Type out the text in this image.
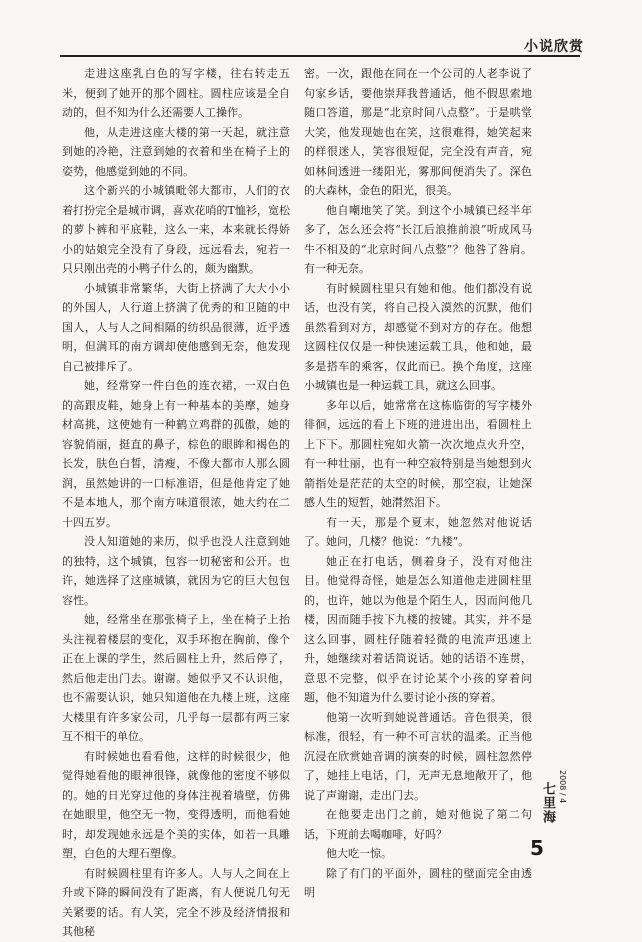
小说欣赏

走进这座乳白色的写字楼，往右转走五米，便到了她开的那个圆柱。圆柱应该是全自动的，但不知为什么还需要人工操作。

他，从走进这座大楼的第一天起，就注意到她的冷艳，注意到她的衣着和坐在椅子上的姿势，他感觉到她的不同。

这个新兴的小城镇毗邻大都市，人们的衣着打扮完全是城市调，喜欢花哨的T恤衫，宽松的萝卜裤和平底鞋，这么一来，本来就长得娇小的姑娘完全没有了身段，远远看去，宛若一只只刚出壳的小鸭子什么的，颇为幽默。

小城镇非常繁华，大街上挤满了大大小小的外国人，人行道上挤满了优秀的和卫随的中国人，人与人之间相隔的纺织品很薄，近乎透明，但满耳的南方调却使他感到无奈，他发现自己被排斥了。

她，经常穿一件白色的连衣裙，一双白色的高跟皮鞋，她身上有一种基本的美摩，她身材高挑，这使她有一种鹤立鸡群的孤傲，她的容貌俏丽，挺直的鼻子，棕色的眼眸和褐色的长发，肤色白皙，清瘦，不像大都市人那么圆润，虽然她讲的一口标准语，但是他肯定了她不是本地人，那个南方味道很浓，她大约在二十四五岁。

没人知道她的来历，似乎也没人注意到她的独特，这个城镇，包容一切秘密和公开。也许，她选择了这座城镇，就因为它的巨大包包容性。

她，经常坐在那张椅子上，坐在椅子上抬头注视着楼层的变化，双手环抱在胸前，像个正在上课的学生，然后圆柱上升，然后停了，然后他走出门去。谢谢。她似乎又不认识他，也不需要认识，她只知道他在九楼上班，这座大楼里有许多家公司，几乎每一层都有两三家互不相干的单位。

有时候她也看看他，这样的时候很少，他觉得她看他的眼神很锋，就像他的密度不够似的。她的日光穿过他的身体注视着墙壁，仿佛在她眼里，他空无一物，变得透明，而他看她时，却发现她永远是个美的实体，如若一具雕塑，白色的大理石塑像。

有时候圆柱里有许多人。人与人之间在上升或下降的瞬间没有了距离，有人便说几句无关紧要的话。有人笑，完全不涉及经济情报和其他秘

密。一次，跟他在同在一个公司的人老李说了句家乡话，要他崇拜我普通话，他不假思索地随口答道，那是“北京时间八点整”。于是哄堂大笑，他发现她也在笑，这很难得，她笑起来的样很迷人，笑容很短促，完全没有声音，宛如林间透进一缕阳光，雾那间便消失了。深色的大森林，金色的阳光，很美。

他自嘲地笑了笑。到这个小城镇已经半年多了，怎么还会将“长江后浪推前浪”听成风马牛不相及的“北京时间八点整”？他咎了咎肩。有一种无奈。

有时候圆柱里只有她和他。他们都没有说话，也没有笑，将自己投入漠然的沉默，他们虽然看到对方，却感觉不到对方的存在。他想这圆柱仅仅是一种快速运载工具，他和她，最多是搭车的乘客，仅此而已。换个角度，这座小城镇也是一种运载工具，就这么回事。

多年以后，她常常在这栋临街的写字楼外徘徊，远远的看上下班的进进出出，看圆柱上上下下。那圆柱宛如火箭一次次地点火升空，有一种壮丽，也有一种空寂特别是当她想到火箭指处是茫茫的太空的时候，那空寂，让她深感人生的短暂，她潸然泪下。

有一天，那是个夏末，她忽然对他说话了。她问，几楼？他说：“九楼”。

她正在打电话，侧着身子，没有对他注目。他觉得奇怪，她是怎么知道他走进圆柱里的，也许，她以为他是个陌生人，因而问他几楼，因而随手按下九楼的按键。其实，并不是这么回事，圆柱仔随着轻微的电流声迅速上升，她继续对着话筒说话。她的话语不连贯，意思不完整，似乎在讨论某个小孩的穿着问题，他不知道为什么要讨论小孩的穿着。

他第一次听到她说普通话。音色很美，很标准，很轻，有一种不可言状的温柔。正当他沉浸在欣赏她音调的演奏的时候，圆柱忽然停了，她挂上电话，门，无声无息地敞开了，他说了声谢谢，走出门去。

在他要走出门之前，她对他说了第二句话，下班前去喝咖啡，好吗？

他大吃一惊。

除了有门的平面外，圆柱的壁面完全由透明

七里海 2008 / 4
5
